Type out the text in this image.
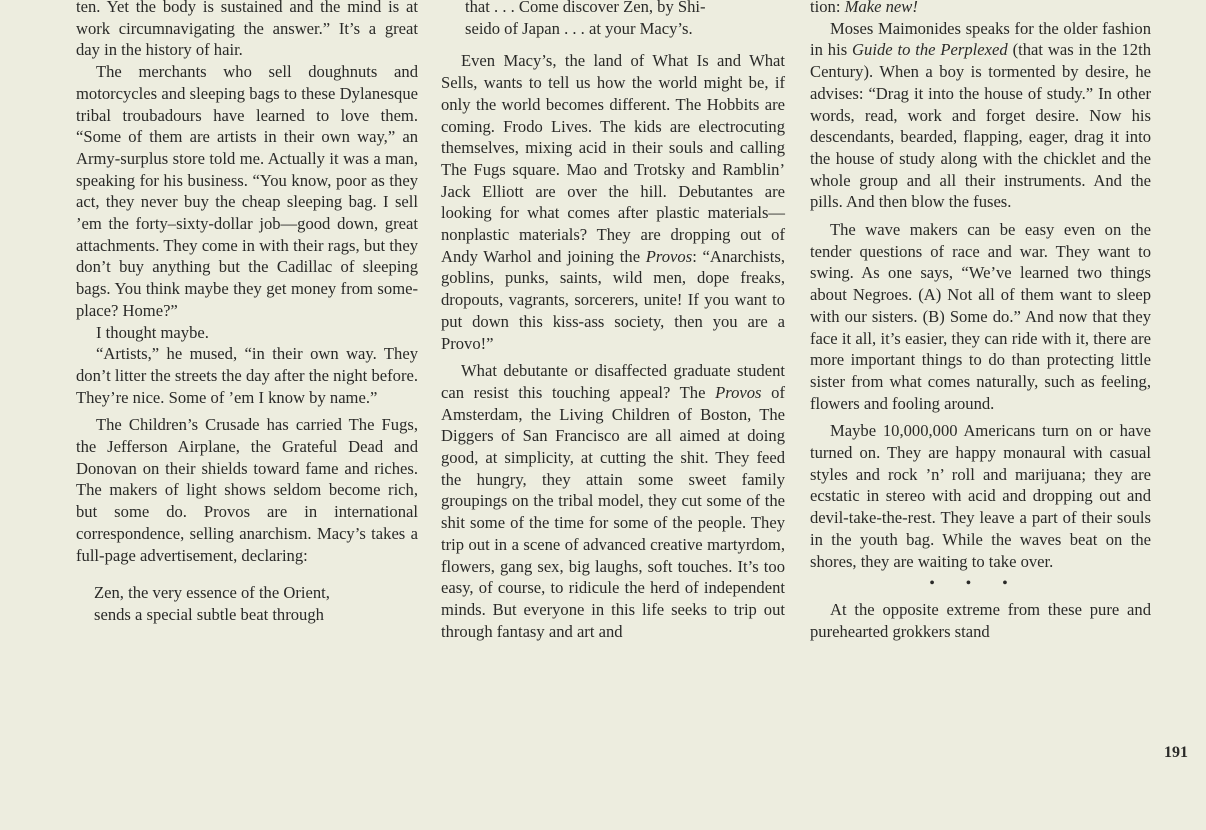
ten. Yet the body is sustained and the mind is at work circumnavigating the answer.” It’s a great day in the history of hair.

The merchants who sell doughnuts and motorcycles and sleeping bags to these Dylanesque tribal troubadours have learned to love them. “Some of them are artists in their own way,” an Army-surplus store told me. Actually it was a man, speaking for his business. “You know, poor as they act, they never buy the cheap sleeping bag. I sell ’em the forty–sixty-dollar job—good down, great attachments. They come in with their rags, but they don’t buy anything but the Cadillac of sleeping bags. You think maybe they get money from someplace? Home?”

I thought maybe.

“Artists,” he mused, “in their own way. They don’t litter the streets the day after the night before. They’re nice. Some of ’em I know by name.”

The Children’s Crusade has carried The Fugs, the Jefferson Airplane, the Grateful Dead and Donovan on their shields toward fame and riches. The makers of light shows seldom become rich, but some do. Provos are in international correspondence, selling anarchism. Macy’s takes a full-page advertisement, declaring:

Zen, the very essence of the Orient,

sends a special subtle beat through

that . . . Come discover Zen, by Shi-

seido of Japan . . . at your Macy’s.

Even Macy’s, the land of What Is and What Sells, wants to tell us how the world might be, if only the world becomes different. The Hobbits are coming. Frodo Lives. The kids are electrocuting themselves, mixing acid in their souls and calling The Fugs square. Mao and Trotsky and Ramblin’ Jack Elliott are over the hill. Debutantes are looking for what comes after plastic materials—nonplastic materials? They are dropping out of Andy Warhol and joining the Provos: “Anarchists, goblins, punks, saints, wild men, dope freaks, dropouts, vagrants, sorcerers, unite! If you want to put down this kiss-ass society, then you are a Provo!”

What debutante or disaffected graduate student can resist this touching appeal? The Provos of Amsterdam, the Living Children of Boston, The Diggers of San Francisco are all aimed at doing good, at simplicity, at cutting the shit. They feed the hungry, they attain some sweet family groupings on the tribal model, they cut some of the shit some of the time for some of the people. They trip out in a scene of advanced creative martyrdom, flowers, gang sex, big laughs, soft touches. It’s too easy, of course, to ridicule the herd of independent minds. But everyone in this life seeks to trip out through fantasy and art and

tion: Make new!

Moses Maimonides speaks for the older fashion in his Guide to the Perplexed (that was in the 12th Century). When a boy is tormented by desire, he advises: “Drag it into the house of study.” In other words, read, work and forget desire. Now his descendants, bearded, flapping, eager, drag it into the house of study along with the chicklet and the whole group and all their instruments. And the pills. And then blow the fuses.

The wave makers can be easy even on the tender questions of race and war. They want to swing. As one says, “We’ve learned two things about Negroes. (A) Not all of them want to sleep with our sisters. (B) Some do.” And now that they face it all, it’s easier, they can ride with it, there are more important things to do than protecting little sister from what comes naturally, such as feeling, flowers and fooling around.

Maybe 10,000,000 Americans turn on or have turned on. They are happy monaural with casual styles and rock ’n’ roll and marijuana; they are ecstatic in stereo with acid and dropping out and devil-take-the-rest. They leave a part of their souls in the youth bag. While the waves beat on the shores, they are waiting to take over.

• • •

At the opposite extreme from these pure and purehearted grokkers stand

191
